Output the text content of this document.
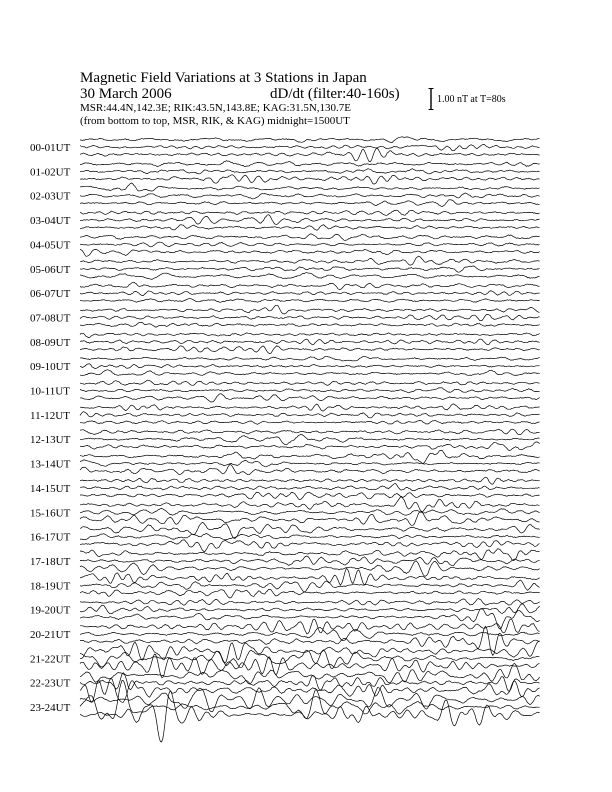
Magnetic Field Variations at 3 Stations in Japan
30 March 2006	dD/dt (filter:40-160s)
MSR:44.4N,142.3E; RIK:43.5N,143.8E; KAG:31.5N,130.7E
(from bottom to top, MSR, RIK, & KAG) midnight=1500UT
1.00 nT at T=80s
00-01UT
01-02UT
02-03UT
03-04UT
04-05UT
05-06UT
06-07UT
07-08UT
08-09UT
09-10UT
10-11UT
11-12UT
12-13UT
13-14UT
14-15UT
15-16UT
16-17UT
17-18UT
18-19UT
19-20UT
20-21UT
21-22UT
22-23UT
23-24UT
